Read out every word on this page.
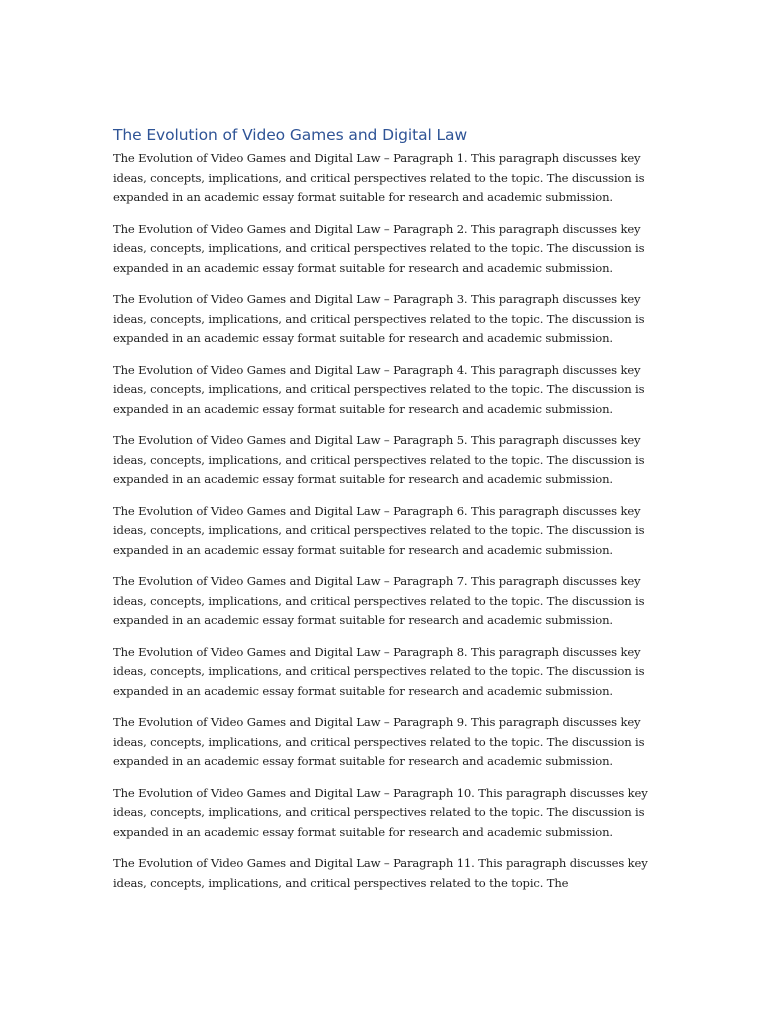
The Evolution of Video Games and Digital Law

The Evolution of Video Games and Digital Law – Paragraph 1. This paragraph discusses key ideas, concepts, implications, and critical perspectives related to the topic. The discussion is expanded in an academic essay format suitable for research and academic submission.

The Evolution of Video Games and Digital Law – Paragraph 2. This paragraph discusses key ideas, concepts, implications, and critical perspectives related to the topic. The discussion is expanded in an academic essay format suitable for research and academic submission.

The Evolution of Video Games and Digital Law – Paragraph 3. This paragraph discusses key ideas, concepts, implications, and critical perspectives related to the topic. The discussion is expanded in an academic essay format suitable for research and academic submission.

The Evolution of Video Games and Digital Law – Paragraph 4. This paragraph discusses key ideas, concepts, implications, and critical perspectives related to the topic. The discussion is expanded in an academic essay format suitable for research and academic submission.

The Evolution of Video Games and Digital Law – Paragraph 5. This paragraph discusses key ideas, concepts, implications, and critical perspectives related to the topic. The discussion is expanded in an academic essay format suitable for research and academic submission.

The Evolution of Video Games and Digital Law – Paragraph 6. This paragraph discusses key ideas, concepts, implications, and critical perspectives related to the topic. The discussion is expanded in an academic essay format suitable for research and academic submission.

The Evolution of Video Games and Digital Law – Paragraph 7. This paragraph discusses key ideas, concepts, implications, and critical perspectives related to the topic. The discussion is expanded in an academic essay format suitable for research and academic submission.

The Evolution of Video Games and Digital Law – Paragraph 8. This paragraph discusses key ideas, concepts, implications, and critical perspectives related to the topic. The discussion is expanded in an academic essay format suitable for research and academic submission.

The Evolution of Video Games and Digital Law – Paragraph 9. This paragraph discusses key ideas, concepts, implications, and critical perspectives related to the topic. The discussion is expanded in an academic essay format suitable for research and academic submission.

The Evolution of Video Games and Digital Law – Paragraph 10. This paragraph discusses key ideas, concepts, implications, and critical perspectives related to the topic. The discussion is expanded in an academic essay format suitable for research and academic submission.

The Evolution of Video Games and Digital Law – Paragraph 11. This paragraph discusses key ideas, concepts, implications, and critical perspectives related to the topic. The
